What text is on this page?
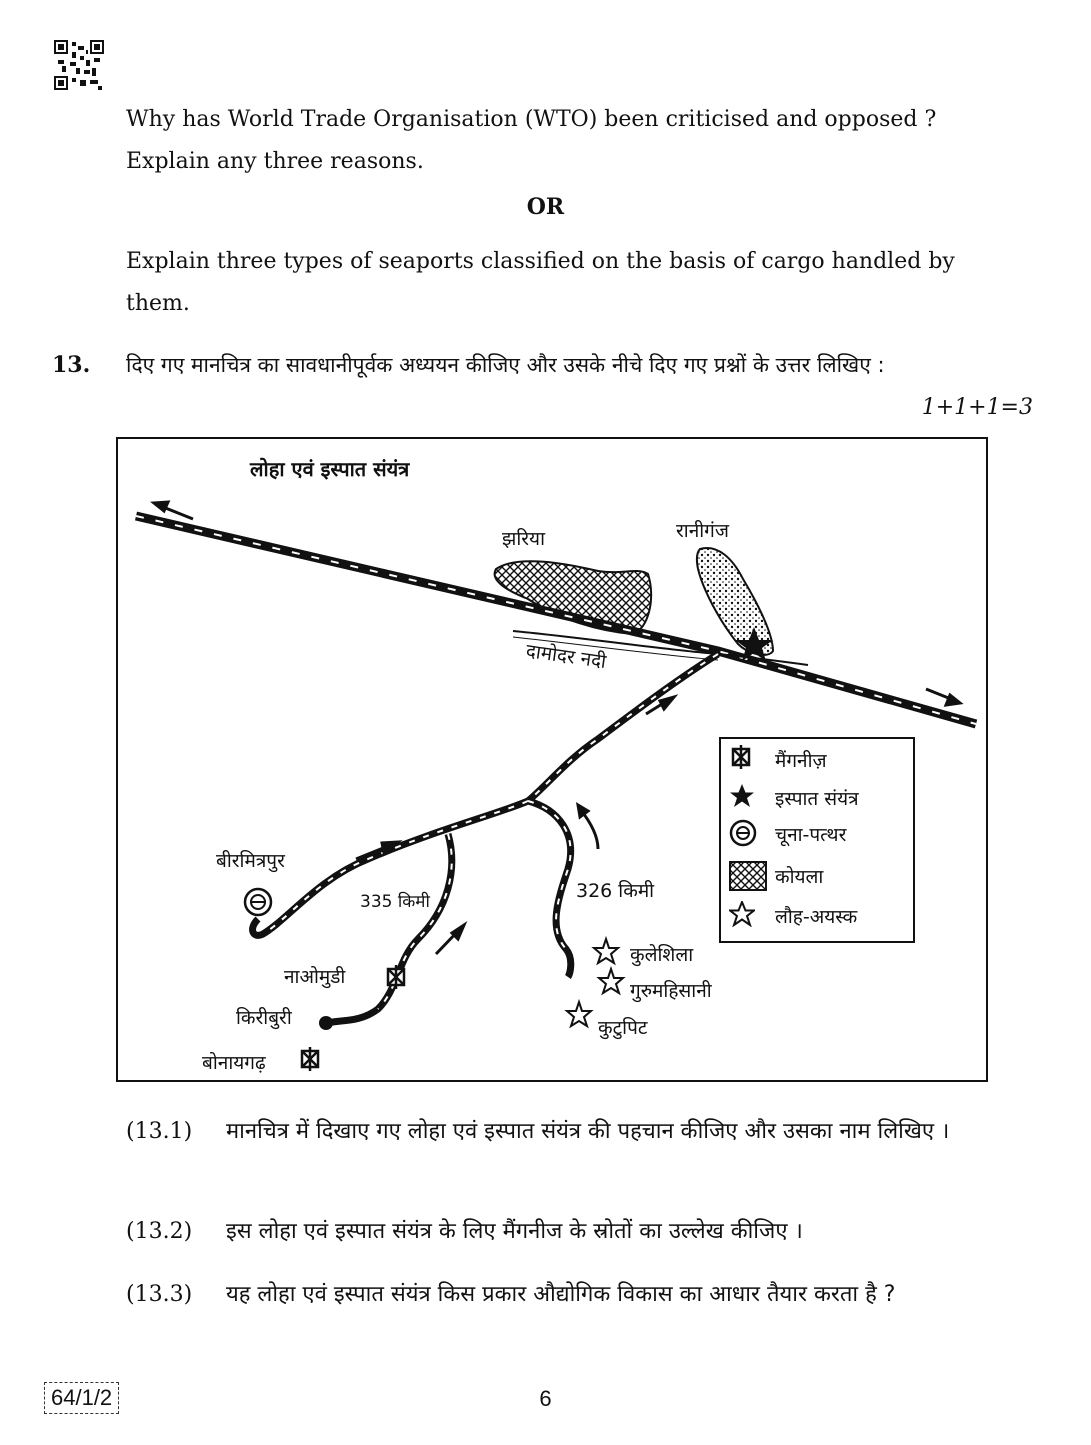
Why has World Trade Organisation (WTO) been criticised and opposed ? Explain any three reasons.
OR
Explain three types of seaports classified on the basis of cargo handled by them.
13. दिए गए मानचित्र का सावधानीपूर्वक अध्ययन कीजिए और उसके नीचे दिए गए प्रश्नों के उत्तर लिखिए :
1+1+1=3
लोहा एवं इस्पात संयंत्र
झरिया	रानीगंज
दामोदर नदी
बीरमित्रपुर
335 किमी	326 किमी
नाओमुडी
किरीबुरी
बोनायगढ़
कुलेशिला
गुरुमहिसानी
कुटुपिट
मैंगनीज़
इस्पात संयंत्र
चूना-पत्थर
कोयला
लौह-अयस्क
(13.1) मानचित्र में दिखाए गए लोहा एवं इस्पात संयंत्र की पहचान कीजिए और उसका नाम लिखिए ।
(13.2) इस लोहा एवं इस्पात संयंत्र के लिए मैंगनीज के स्रोतों का उल्लेख कीजिए ।
(13.3) यह लोहा एवं इस्पात संयंत्र किस प्रकार औद्योगिक विकास का आधार तैयार करता है ?
64/1/2	6
